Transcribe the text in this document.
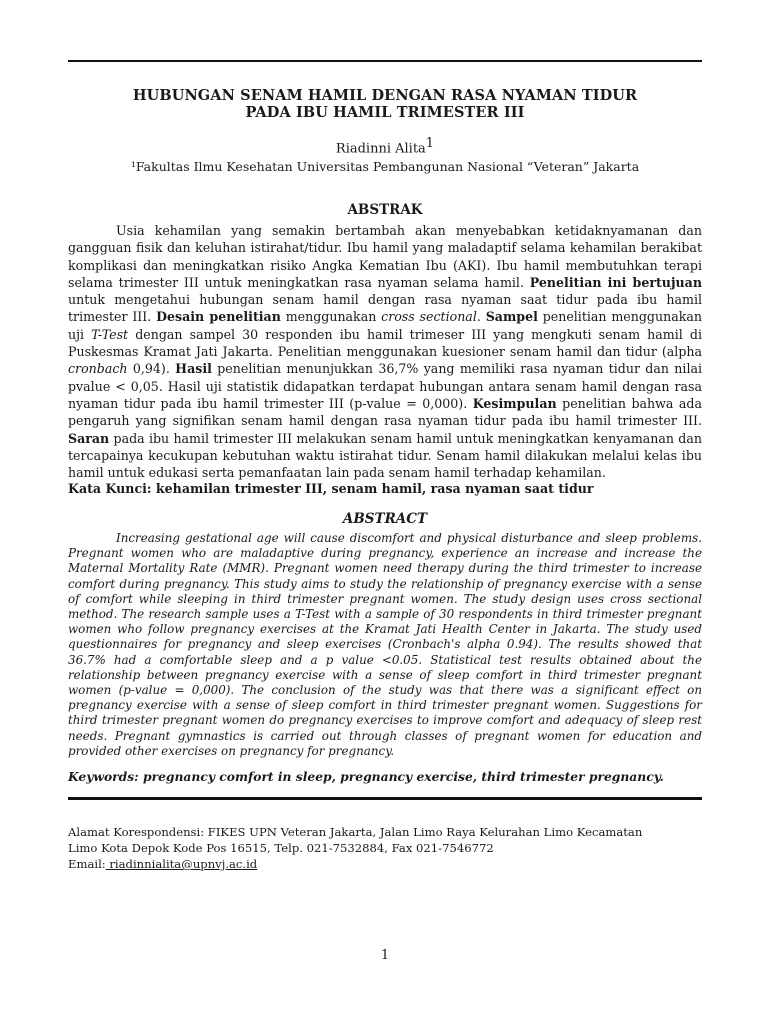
HUBUNGAN SENAM HAMIL DENGAN RASA NYAMAN TIDUR
PADA IBU HAMIL TRIMESTER III
Riadinni Alita$^1$
¹Fakultas Ilmu Kesehatan Universitas Pembangunan Nasional “Veteran” Jakarta
ABSTRAK

Usia kehamilan yang semakin bertambah akan menyebabkan ketidaknyamanan dan gangguan fisik dan keluhan istirahat/tidur. Ibu hamil yang maladaptif selama kehamilan berakibat komplikasi dan meningkatkan risiko Angka Kematian Ibu (AKI). Ibu hamil membutuhkan terapi selama trimester III untuk meningkatkan rasa nyaman selama hamil. Penelitian ini bertujuan untuk mengetahui hubungan senam hamil dengan rasa nyaman saat tidur pada ibu hamil trimester III. Desain penelitian menggunakan cross sectional. Sampel penelitian menggunakan uji T-Test dengan sampel 30 responden ibu hamil trimeser III yang mengkuti senam hamil di Puskesmas Kramat Jati Jakarta. Penelitian menggunakan kuesioner senam hamil dan tidur (alpha cronbach 0,94). Hasil penelitian menunjukkan 36,7% yang memiliki rasa nyaman tidur dan nilai pvalue < 0,05. Hasil uji statistik didapatkan terdapat hubungan antara senam hamil dengan rasa nyaman tidur pada ibu hamil trimester III (p-value = 0,000). Kesimpulan penelitian bahwa ada pengaruh yang signifikan senam hamil dengan rasa nyaman tidur pada ibu hamil trimester III. Saran pada ibu hamil trimester III melakukan senam hamil untuk meningkatkan kenyamanan dan tercapainya kecukupan kebutuhan waktu istirahat tidur. Senam hamil dilakukan melalui kelas ibu hamil untuk edukasi serta pemanfaatan lain pada senam hamil terhadap kehamilan.

Kata Kunci: kehamilan trimester III, senam hamil, rasa nyaman saat tidur
ABSTRACT

Increasing gestational age will cause discomfort and physical disturbance and sleep problems. Pregnant women who are maladaptive during pregnancy, experience an increase and increase the Maternal Mortality Rate (MMR). Pregnant women need therapy during the third trimester to increase comfort during pregnancy. This study aims to study the relationship of pregnancy exercise with a sense of comfort while sleeping in third trimester pregnant women. The study design uses cross sectional method. The research sample uses a T-Test with a sample of 30 respondents in third trimester pregnant women who follow pregnancy exercises at the Kramat Jati Health Center in Jakarta. The study used questionnaires for pregnancy and sleep exercises (Cronbach's alpha 0.94). The results showed that 36.7% had a comfortable sleep and a p value <0.05. Statistical test results obtained about the relationship between pregnancy exercise with a sense of sleep comfort in third trimester pregnant women (p-value = 0,000). The conclusion of the study was that there was a significant effect on pregnancy exercise with a sense of sleep comfort in third trimester pregnant women. Suggestions for third trimester pregnant women do pregnancy exercises to improve comfort and adequacy of sleep rest needs. Pregnant gymnastics is carried out through classes of pregnant women for education and provided other exercises on pregnancy for pregnancy.

Keywords: pregnancy comfort in sleep, pregnancy exercise, third trimester pregnancy.
Alamat Korespondensi: FIKES UPN Veteran Jakarta, Jalan Limo Raya Kelurahan Limo Kecamatan
Limo Kota Depok Kode Pos 16515, Telp. 021-7532884, Fax 021-7546772
Email: riadinnialita@upnvj.ac.id
1
